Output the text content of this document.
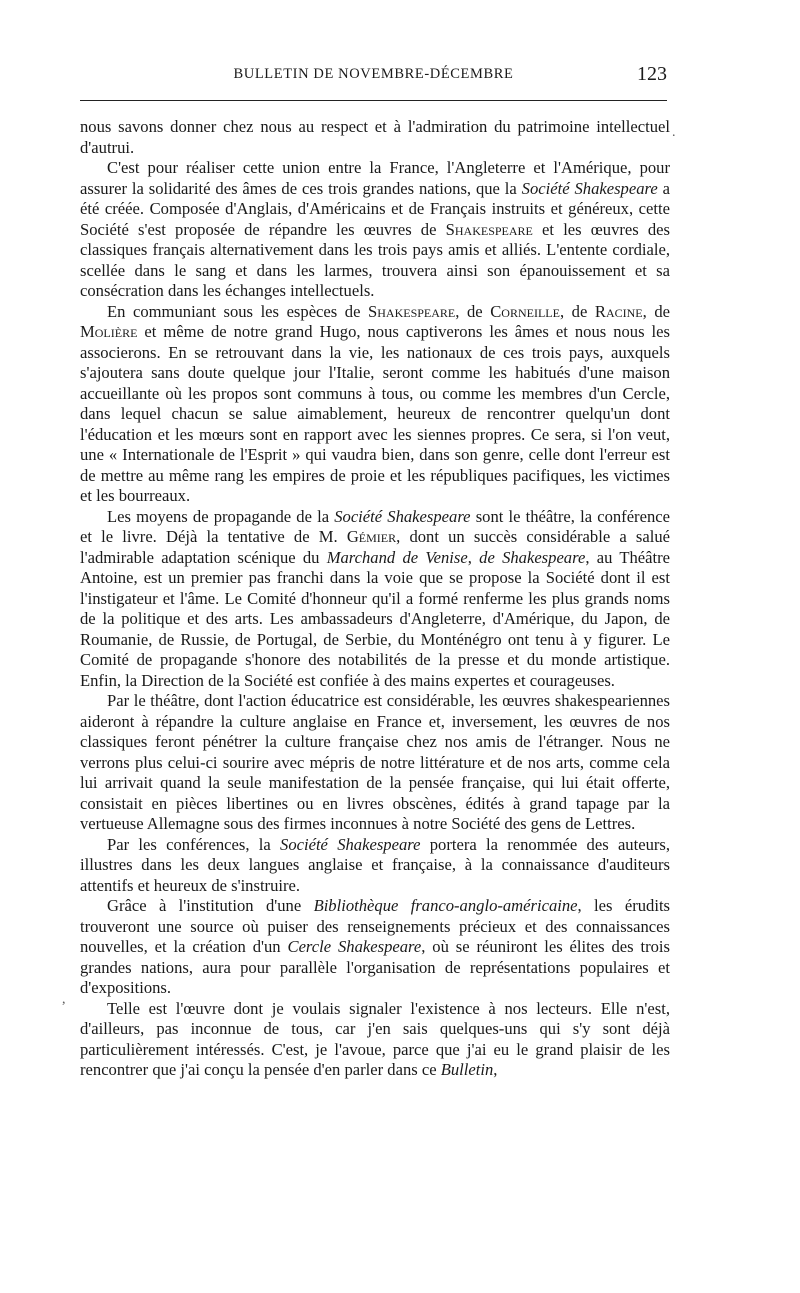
BULLETIN DE NOVEMBRE-DÉCEMBRE	123

nous savons donner chez nous au respect et à l'admiration du patrimoine intellectuel d'autrui.

C'est pour réaliser cette union entre la France, l'Angleterre et l'Amérique, pour assurer la solidarité des âmes de ces trois grandes nations, que la Société Shakespeare a été créée. Composée d'Anglais, d'Américains et de Français instruits et généreux, cette Société s'est proposée de répandre les œuvres de Shakespeare et les œuvres des classiques français alternativement dans les trois pays amis et alliés. L'entente cordiale, scellée dans le sang et dans les larmes, trouvera ainsi son épanouissement et sa consécration dans les échanges intellectuels.

En communiant sous les espèces de Shakespeare, de Corneille, de Racine, de Molière et même de notre grand Hugo, nous captiverons les âmes et nous nous les associerons. En se retrouvant dans la vie, les nationaux de ces trois pays, auxquels s'ajoutera sans doute quelque jour l'Italie, seront comme les habitués d'une maison accueillante où les propos sont communs à tous, ou comme les membres d'un Cercle, dans lequel chacun se salue aimablement, heureux de rencontrer quelqu'un dont l'éducation et les mœurs sont en rapport avec les siennes propres. Ce sera, si l'on veut, une « Internationale de l'Esprit » qui vaudra bien, dans son genre, celle dont l'erreur est de mettre au même rang les empires de proie et les républiques pacifiques, les victimes et les bourreaux.

Les moyens de propagande de la Société Shakespeare sont le théâtre, la conférence et le livre. Déjà la tentative de M. Gémier, dont un succès considérable a salué l'admirable adaptation scénique du Marchand de Venise, de Shakespeare, au Théâtre Antoine, est un premier pas franchi dans la voie que se propose la Société dont il est l'instigateur et l'âme. Le Comité d'honneur qu'il a formé renferme les plus grands noms de la politique et des arts. Les ambassadeurs d'Angleterre, d'Amérique, du Japon, de Roumanie, de Russie, de Portugal, de Serbie, du Monténégro ont tenu à y figurer. Le Comité de propagande s'honore des notabilités de la presse et du monde artistique. Enfin, la Direction de la Société est confiée à des mains expertes et courageuses.

Par le théâtre, dont l'action éducatrice est considérable, les œuvres shakespeariennes aideront à répandre la culture anglaise en France et, inversement, les œuvres de nos classiques feront pénétrer la culture française chez nos amis de l'étranger. Nous ne verrons plus celui-ci sourire avec mépris de notre littérature et de nos arts, comme cela lui arrivait quand la seule manifestation de la pensée française, qui lui était offerte, consistait en pièces libertines ou en livres obscènes, édités à grand tapage par la vertueuse Allemagne sous des firmes inconnues à notre Société des gens de Lettres.

Par les conférences, la Société Shakespeare portera la renommée des auteurs, illustres dans les deux langues anglaise et française, à la connaissance d'auditeurs attentifs et heureux de s'instruire.

Grâce à l'institution d'une Bibliothèque franco-anglo-américaine, les érudits trouveront une source où puiser des renseignements précieux et des connaissances nouvelles, et la création d'un Cercle Shakespeare, où se réuniront les élites des trois grandes nations, aura pour parallèle l'organisation de représentations populaires et d'expositions.

Telle est l'œuvre dont je voulais signaler l'existence à nos lecteurs. Elle n'est, d'ailleurs, pas inconnue de tous, car j'en sais quelques-uns qui s'y sont déjà particulièrement intéressés. C'est, je l'avoue, parce que j'ai eu le grand plaisir de les rencontrer que j'ai conçu la pensée d'en parler dans ce Bulletin,

.
,
